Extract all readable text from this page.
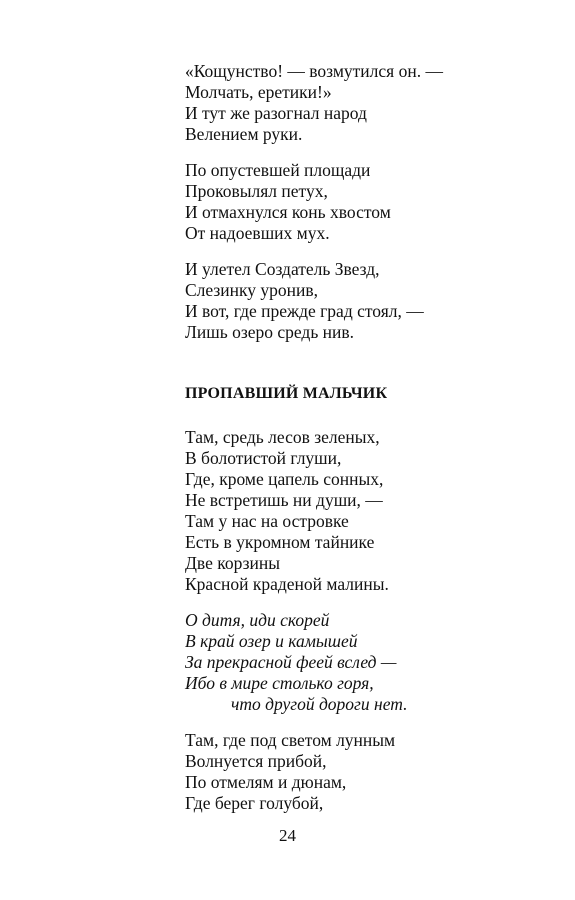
«Кощунство! — возмутился он. —
Молчать, еретики!»
И тут же разогнал народ
Велением руки.
По опустевшей площади
Проковылял петух,
И отмахнулся конь хвостом
От надоевших мух.
И улетел Создатель Звезд,
Слезинку уронив,
И вот, где прежде град стоял, —
Лишь озеро средь нив.
ПРОПАВШИЙ МАЛЬЧИК
Там, средь лесов зеленых,
В болотистой глуши,
Где, кроме цапель сонных,
Не встретишь ни души, —
Там у нас на островке
Есть в укромном тайнике
Две корзины
Красной краденой малины.
О дитя, иди скорей
В край озер и камышей
За прекрасной феей вслед —
Ибо в мире столько горя,
что другой дороги нет.
Там, где под светом лунным
Волнуется прибой,
По отмелям и дюнам,
Где берег голубой,
24
